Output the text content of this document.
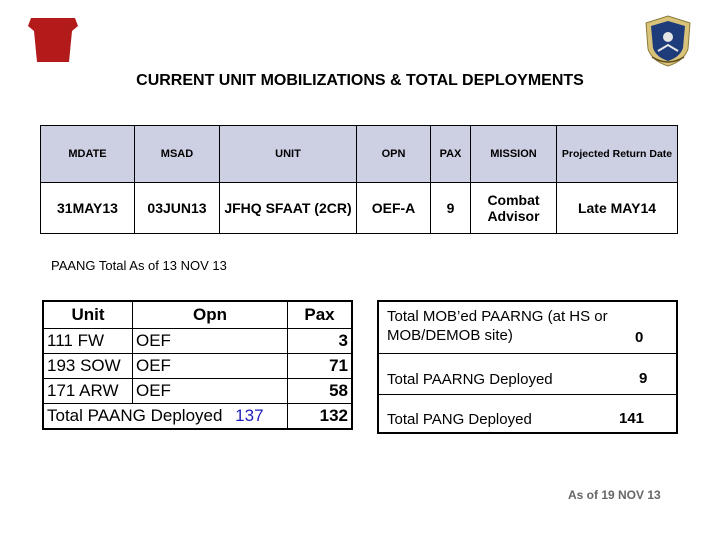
CURRENT UNIT MOBILIZATIONS & TOTAL DEPLOYMENTS
MDATE	MSAD	UNIT	OPN	PAX	MISSION	Projected Return Date
31MAY13	03JUN13	JFHQ SFAAT (2CR)	OEF-A	9	Combat Advisor	Late MAY14
PAANG Total As of 13 NOV 13
Unit	Opn	Pax
111 FW	OEF	3
193 SOW	OEF	71
171 ARW	OEF	58
Total PAANG Deployed 137		132
Total MOB’ed PAARNG (at HS or MOB/DEMOB site)	0
Total PAARNG Deployed	9
Total PANG Deployed	141
As of 19 NOV 13
